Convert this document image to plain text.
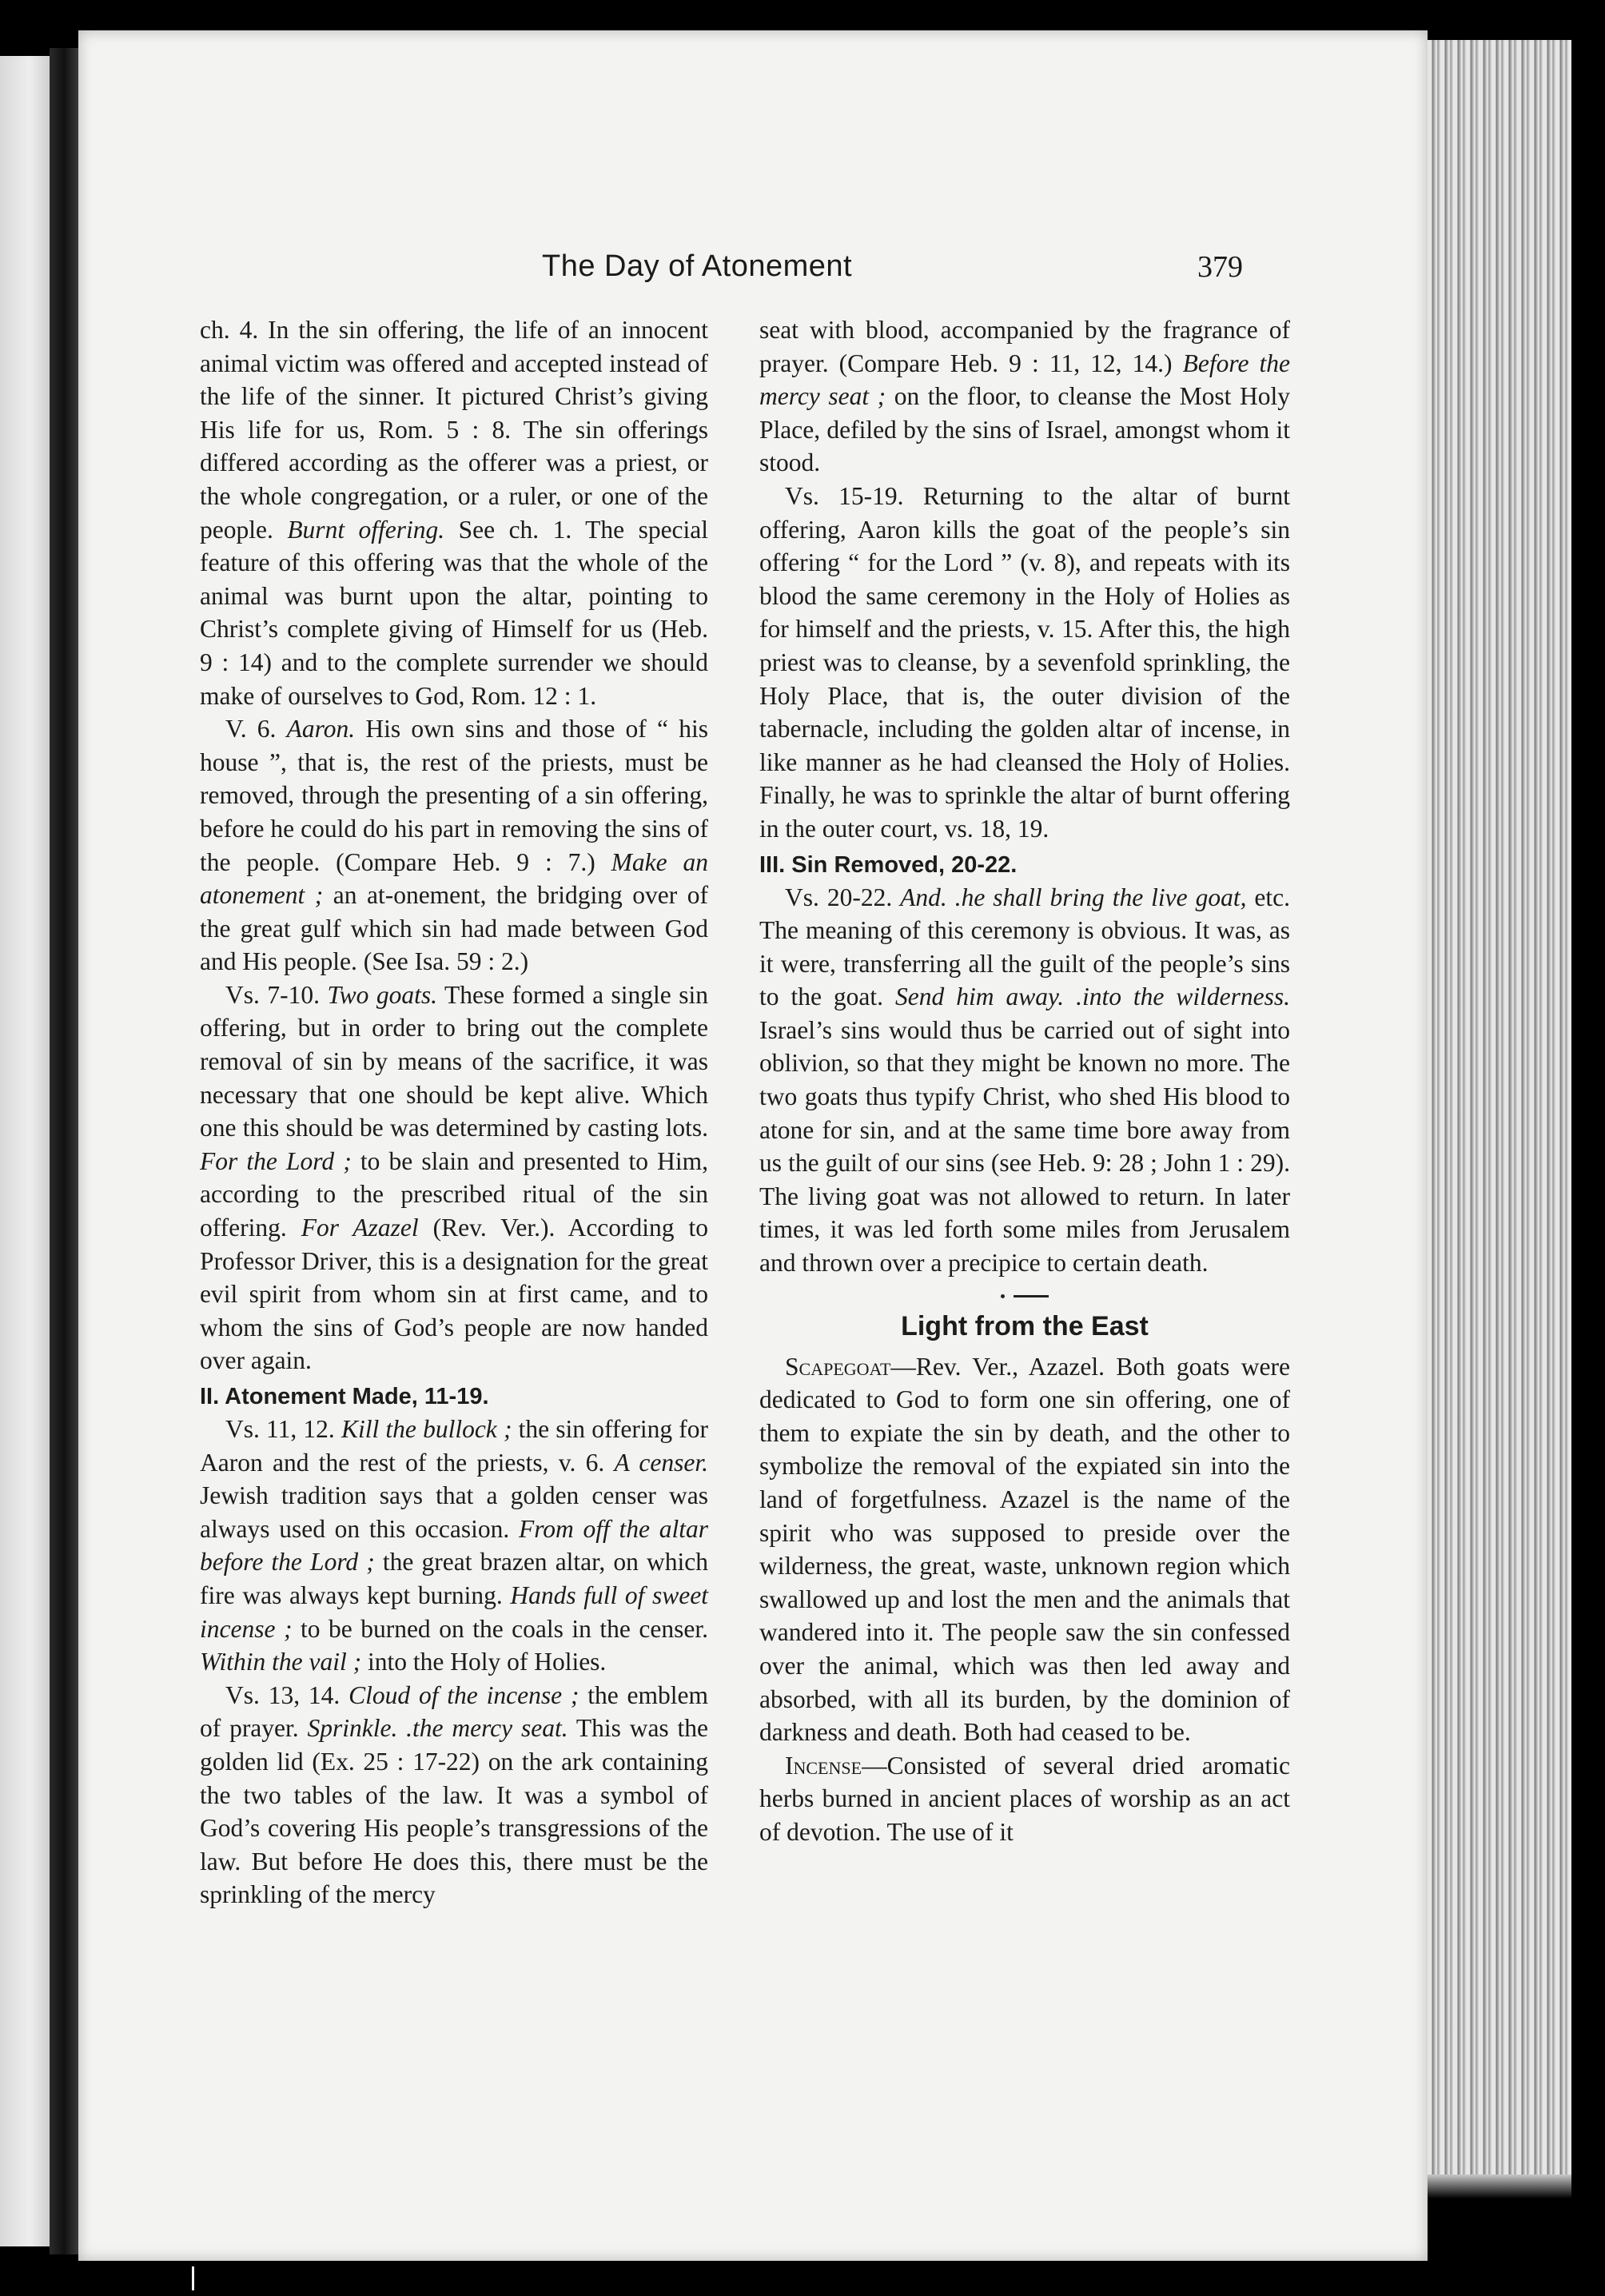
The Day of Atonement	379

ch. 4. In the sin offering, the life of an innocent animal victim was offered and accepted instead of the life of the sinner. It pictured Christ’s giving His life for us, Rom. 5 : 8. The sin offerings differed according as the offerer was a priest, or the whole congregation, or a ruler, or one of the people. Burnt offering. See ch. 1. The special feature of this offering was that the whole of the animal was burnt upon the altar, pointing to Christ’s complete giving of Himself for us (Heb. 9 : 14) and to the complete surrender we should make of ourselves to God, Rom. 12 : 1.

V. 6. Aaron. His own sins and those of “ his house ”, that is, the rest of the priests, must be removed, through the presenting of a sin offering, before he could do his part in removing the sins of the people. (Compare Heb. 9 : 7.) Make an atonement ; an at-onement, the bridging over of the great gulf which sin had made between God and His people. (See Isa. 59 : 2.)

Vs. 7-10. Two goats. These formed a single sin offering, but in order to bring out the complete removal of sin by means of the sacrifice, it was necessary that one should be kept alive. Which one this should be was determined by casting lots. For the Lord ; to be slain and presented to Him, according to the prescribed ritual of the sin offering. For Azazel (Rev. Ver.). According to Professor Driver, this is a designation for the great evil spirit from whom sin at first came, and to whom the sins of God’s people are now handed over again.

II. Atonement Made, 11-19.

Vs. 11, 12. Kill the bullock ; the sin offering for Aaron and the rest of the priests, v. 6. A censer. Jewish tradition says that a golden censer was always used on this occasion. From off the altar before the Lord ; the great brazen altar, on which fire was always kept burning. Hands full of sweet incense ; to be burned on the coals in the censer. Within the vail ; into the Holy of Holies.

Vs. 13, 14. Cloud of the incense ; the emblem of prayer. Sprinkle. .the mercy seat. This was the golden lid (Ex. 25 : 17-22) on the ark containing the two tables of the law. It was a symbol of God’s covering His people’s transgressions of the law. But before He does this, there must be the sprinkling of the mercy

seat with blood, accompanied by the fragrance of prayer. (Compare Heb. 9 : 11, 12, 14.) Before the mercy seat ; on the floor, to cleanse the Most Holy Place, defiled by the sins of Israel, amongst whom it stood.

Vs. 15-19. Returning to the altar of burnt offering, Aaron kills the goat of the people’s sin offering “ for the Lord ” (v. 8), and repeats with its blood the same ceremony in the Holy of Holies as for himself and the priests, v. 15. After this, the high priest was to cleanse, by a sevenfold sprinkling, the Holy Place, that is, the outer division of the tabernacle, including the golden altar of incense, in like manner as he had cleansed the Holy of Holies. Finally, he was to sprinkle the altar of burnt offering in the outer court, vs. 18, 19.

III. Sin Removed, 20-22.

Vs. 20-22. And. .he shall bring the live goat, etc. The meaning of this ceremony is obvious. It was, as it were, transferring all the guilt of the people’s sins to the goat. Send him away. .into the wilderness. Israel’s sins would thus be carried out of sight into oblivion, so that they might be known no more. The two goats thus typify Christ, who shed His blood to atone for sin, and at the same time bore away from us the guilt of our sins (see Heb. 9: 28 ; John 1 : 29). The living goat was not allowed to return. In later times, it was led forth some miles from Jerusalem and thrown over a precipice to certain death.

Light from the East

Scapegoat—Rev. Ver., Azazel. Both goats were dedicated to God to form one sin offering, one of them to expiate the sin by death, and the other to symbolize the removal of the expiated sin into the land of forgetfulness. Azazel is the name of the spirit who was supposed to preside over the wilderness, the great, waste, unknown region which swallowed up and lost the men and the animals that wandered into it. The people saw the sin confessed over the animal, which was then led away and absorbed, with all its burden, by the dominion of darkness and death. Both had ceased to be.

Incense—Consisted of several dried aromatic herbs burned in ancient places of worship as an act of devotion. The use of it
